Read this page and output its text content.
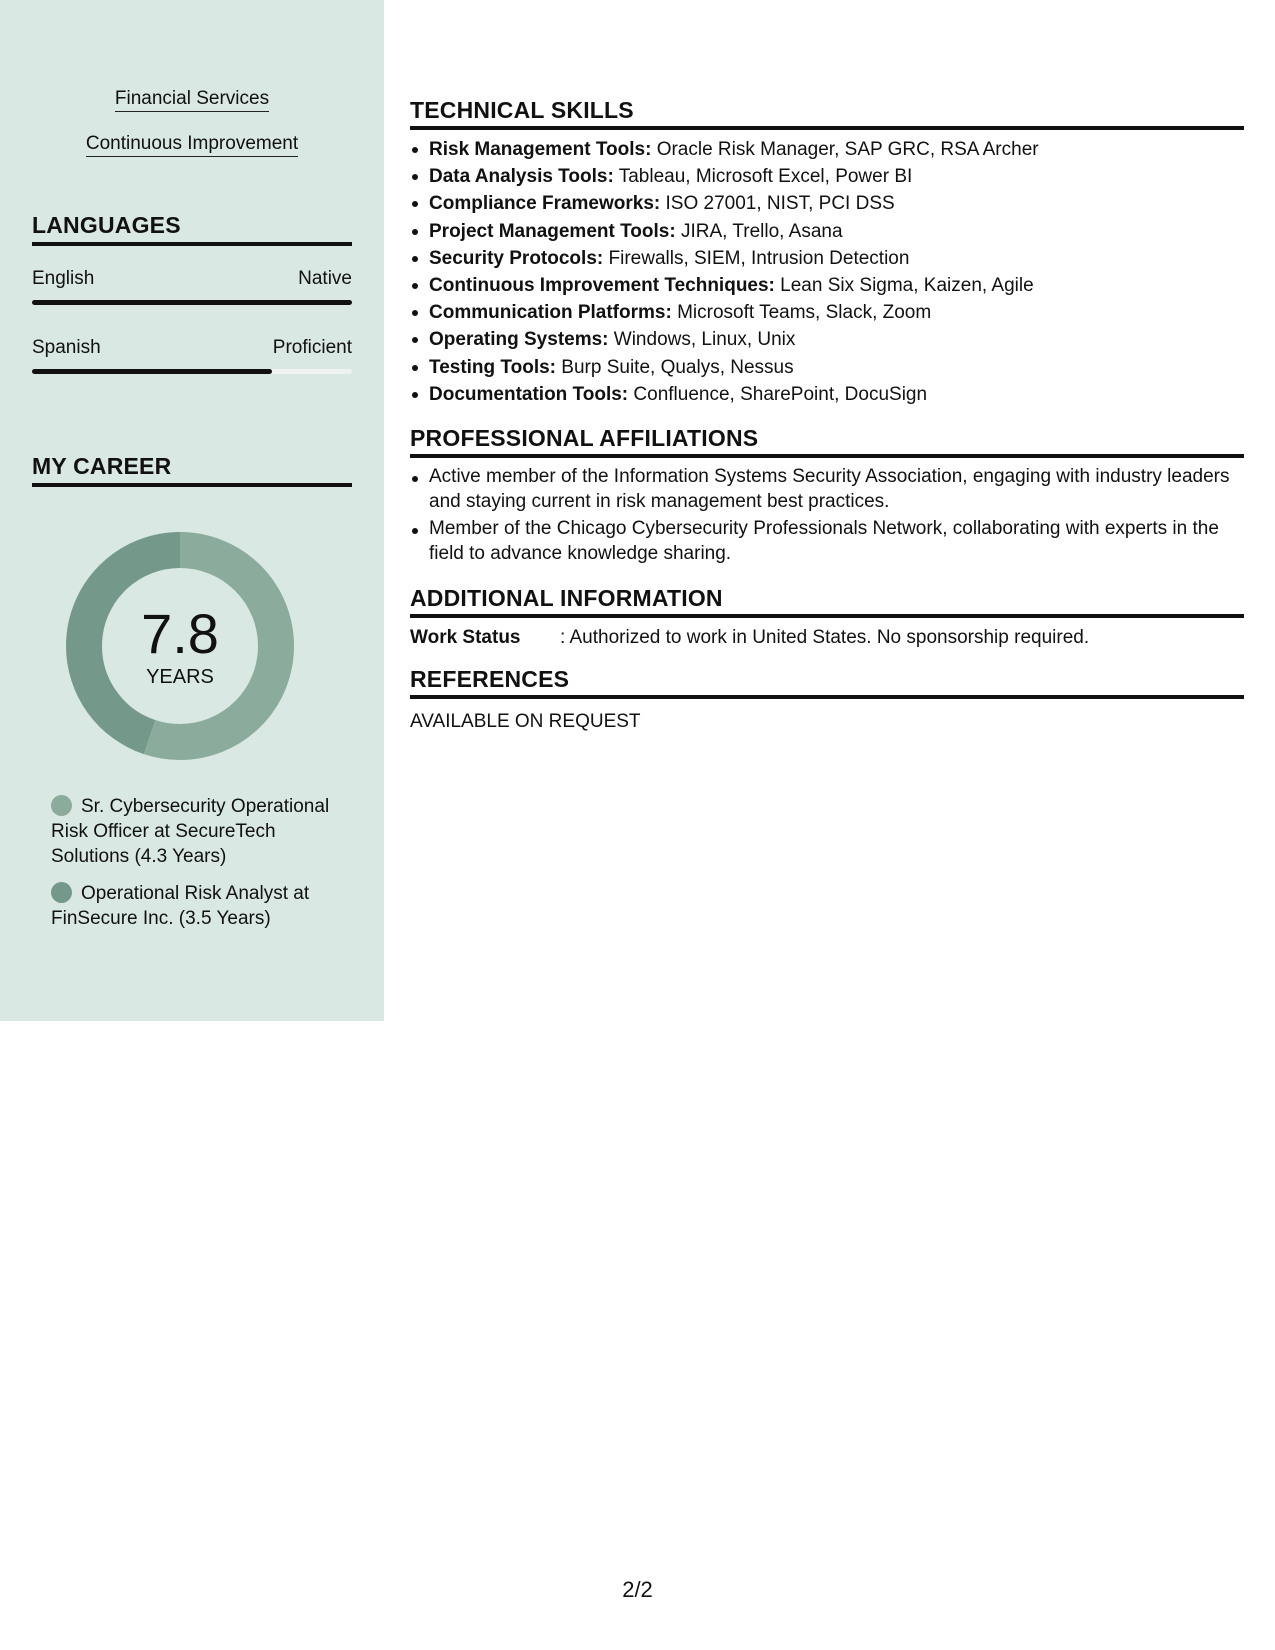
Financial Services
Continuous Improvement
LANGUAGES
English	Native
Spanish	Proficient
MY CAREER
7.8
YEARS
Sr. Cybersecurity Operational Risk Officer at SecureTech Solutions (4.3 Years)
Operational Risk Analyst at FinSecure Inc. (3.5 Years)
TECHNICAL SKILLS
Risk Management Tools: Oracle Risk Manager, SAP GRC, RSA Archer
Data Analysis Tools: Tableau, Microsoft Excel, Power BI
Compliance Frameworks: ISO 27001, NIST, PCI DSS
Project Management Tools: JIRA, Trello, Asana
Security Protocols: Firewalls, SIEM, Intrusion Detection
Continuous Improvement Techniques: Lean Six Sigma, Kaizen, Agile
Communication Platforms: Microsoft Teams, Slack, Zoom
Operating Systems: Windows, Linux, Unix
Testing Tools: Burp Suite, Qualys, Nessus
Documentation Tools: Confluence, SharePoint, DocuSign
PROFESSIONAL AFFILIATIONS
Active member of the Information Systems Security Association, engaging with industry leaders and staying current in risk management best practices.
Member of the Chicago Cybersecurity Professionals Network, collaborating with experts in the field to advance knowledge sharing.
ADDITIONAL INFORMATION
Work Status : Authorized to work in United States. No sponsorship required.
REFERENCES
AVAILABLE ON REQUEST
2/2
